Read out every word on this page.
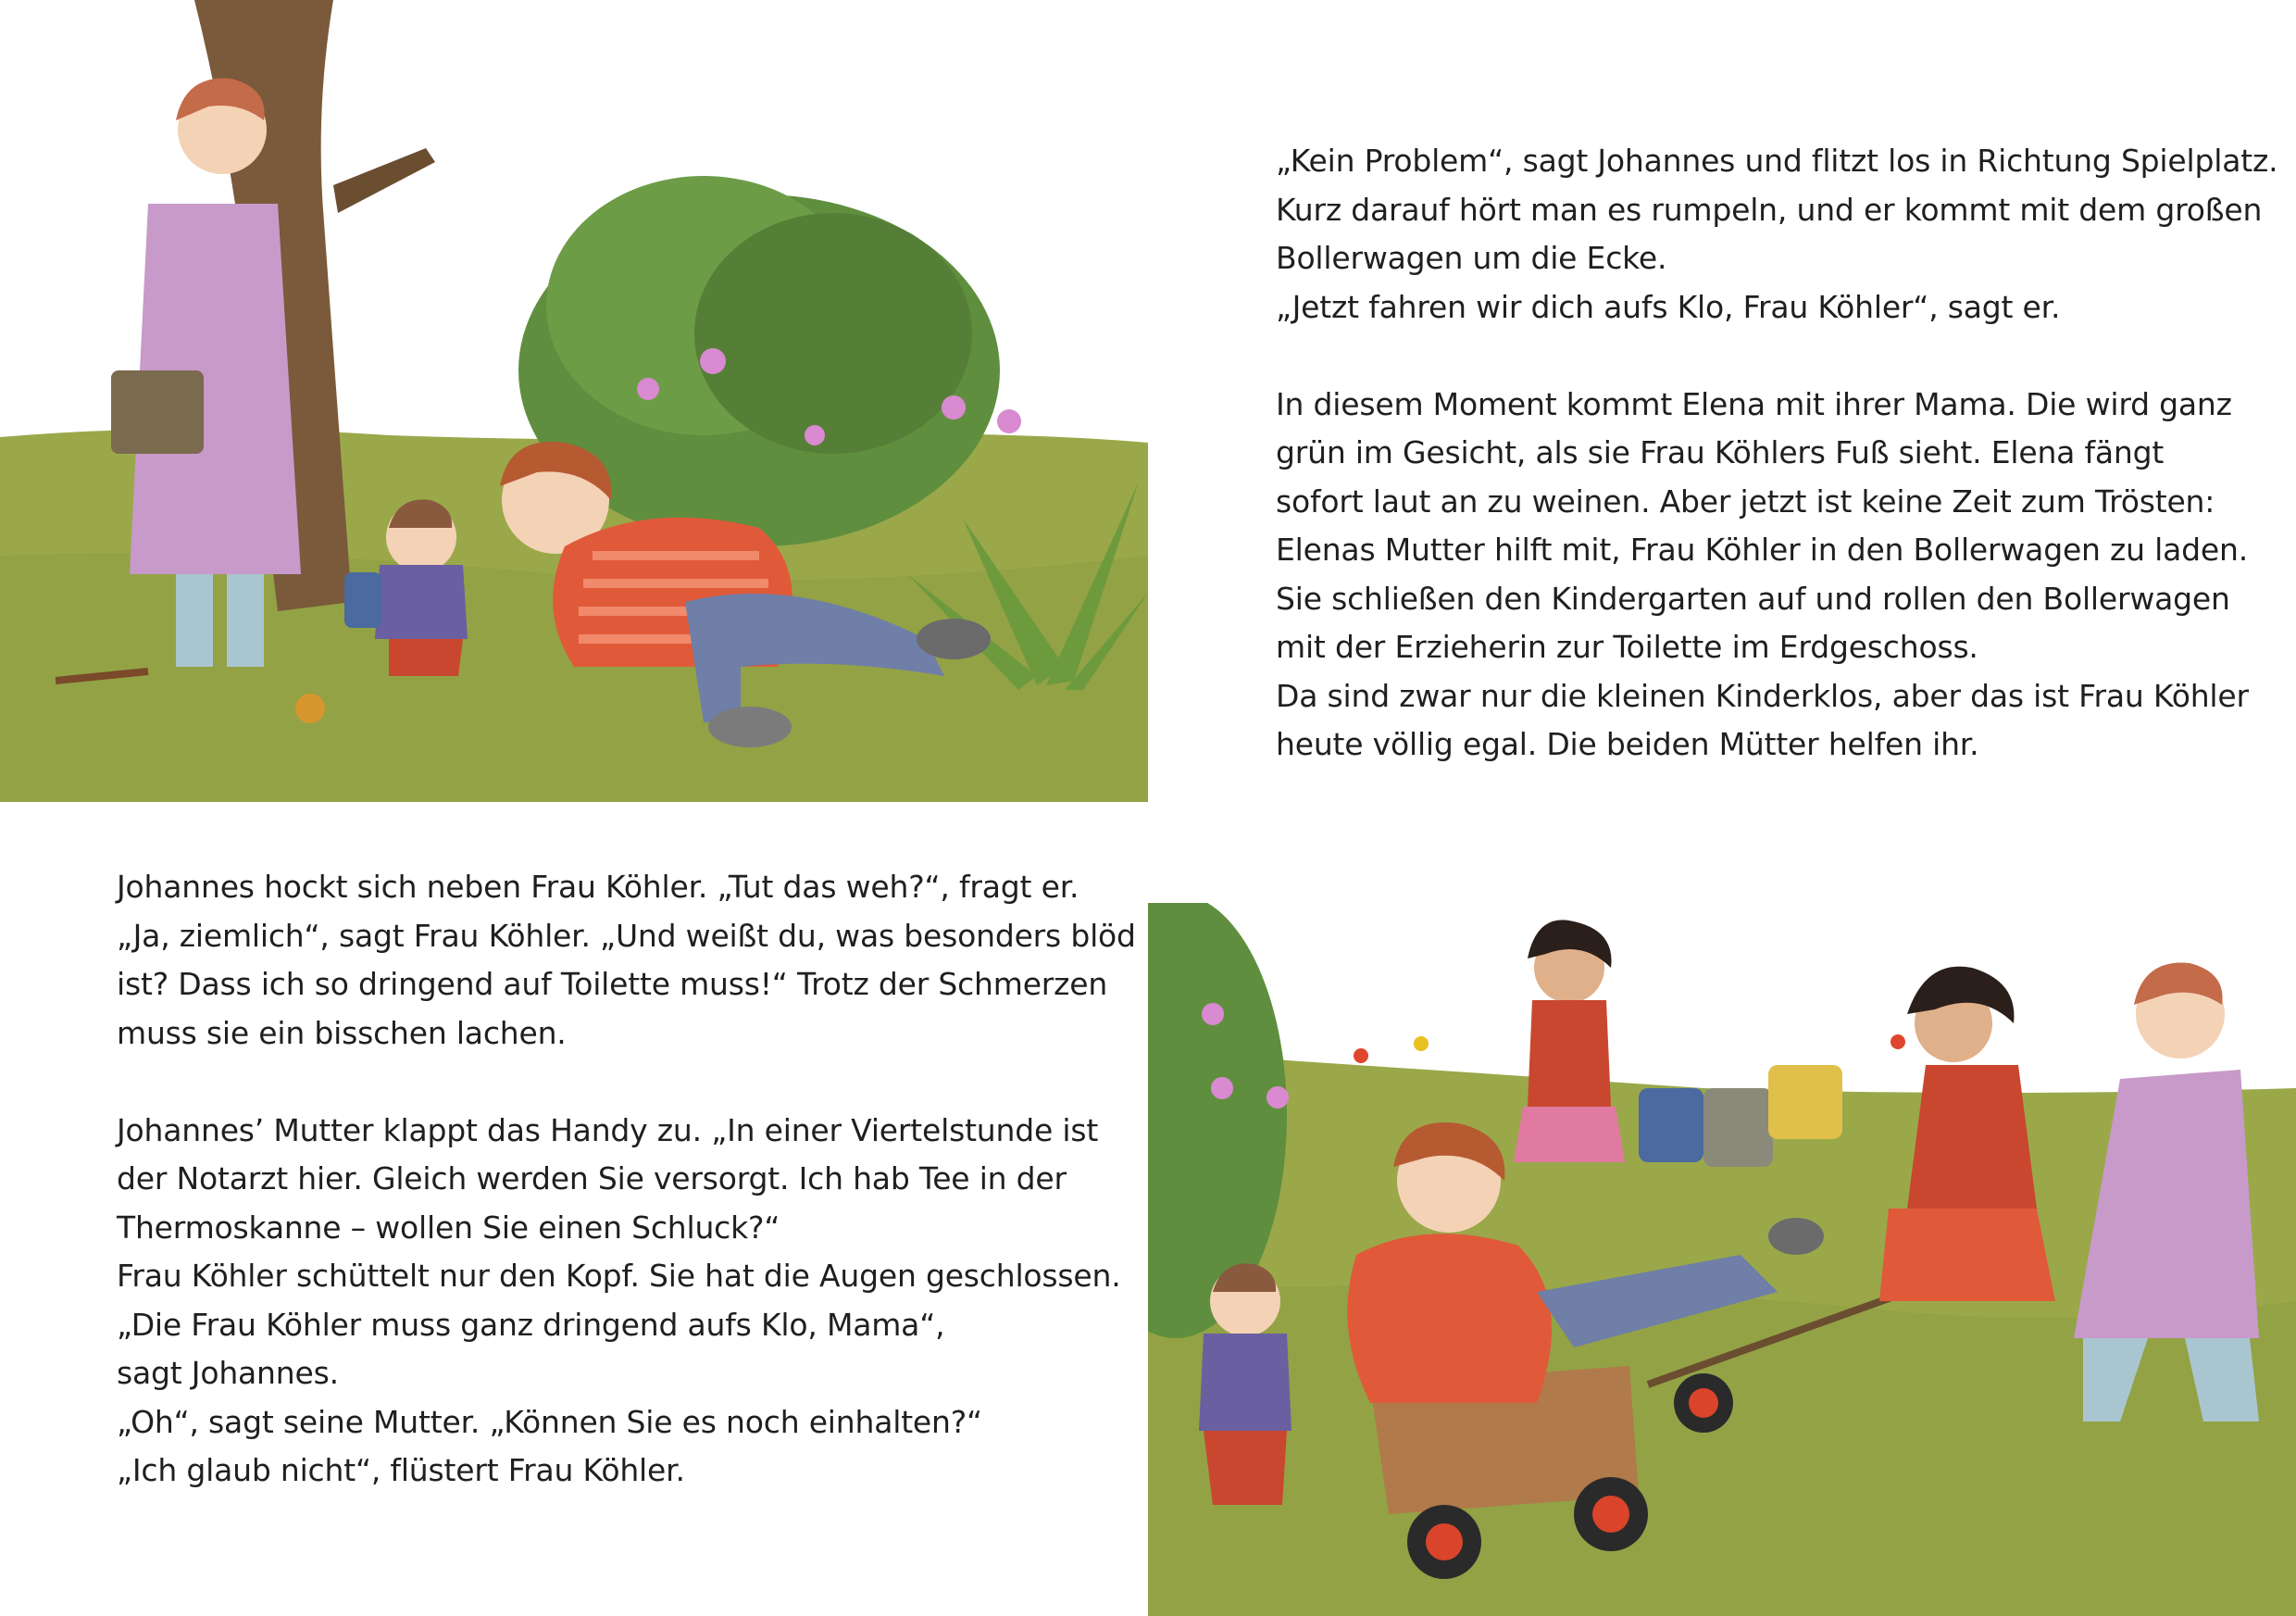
„Kein Problem“, sagt Johannes und flitzt los in Richtung Spielplatz.
Kurz darauf hört man es rumpeln, und er kommt mit dem großen
Bollerwagen um die Ecke.
„Jetzt fahren wir dich aufs Klo, Frau Köhler“, sagt er.
In diesem Moment kommt Elena mit ihrer Mama. Die wird ganz
grün im Gesicht, als sie Frau Köhlers Fuß sieht. Elena fängt
sofort laut an zu weinen. Aber jetzt ist keine Zeit zum Trösten:
Elenas Mutter hilft mit, Frau Köhler in den Bollerwagen zu laden.
Sie schließen den Kindergarten auf und rollen den Bollerwagen
mit der Erzieherin zur Toilette im Erdgeschoss.
Da sind zwar nur die kleinen Kinderklos, aber das ist Frau Köhler
heute völlig egal. Die beiden Mütter helfen ihr.
Johannes hockt sich neben Frau Köhler. „Tut das weh?“, fragt er.
„Ja, ziemlich“, sagt Frau Köhler. „Und weißt du, was besonders blöd
ist? Dass ich so dringend auf Toilette muss!“ Trotz der Schmerzen
muss sie ein bisschen lachen.
Johannes’ Mutter klappt das Handy zu. „In einer Viertelstunde ist
der Notarzt hier. Gleich werden Sie versorgt. Ich hab Tee in der
Thermoskanne – wollen Sie einen Schluck?“
Frau Köhler schüttelt nur den Kopf. Sie hat die Augen geschlossen.
„Die Frau Köhler muss ganz dringend aufs Klo, Mama“,
sagt Johannes.
„Oh“, sagt seine Mutter. „Können Sie es noch einhalten?“
„Ich glaub nicht“, flüstert Frau Köhler.
